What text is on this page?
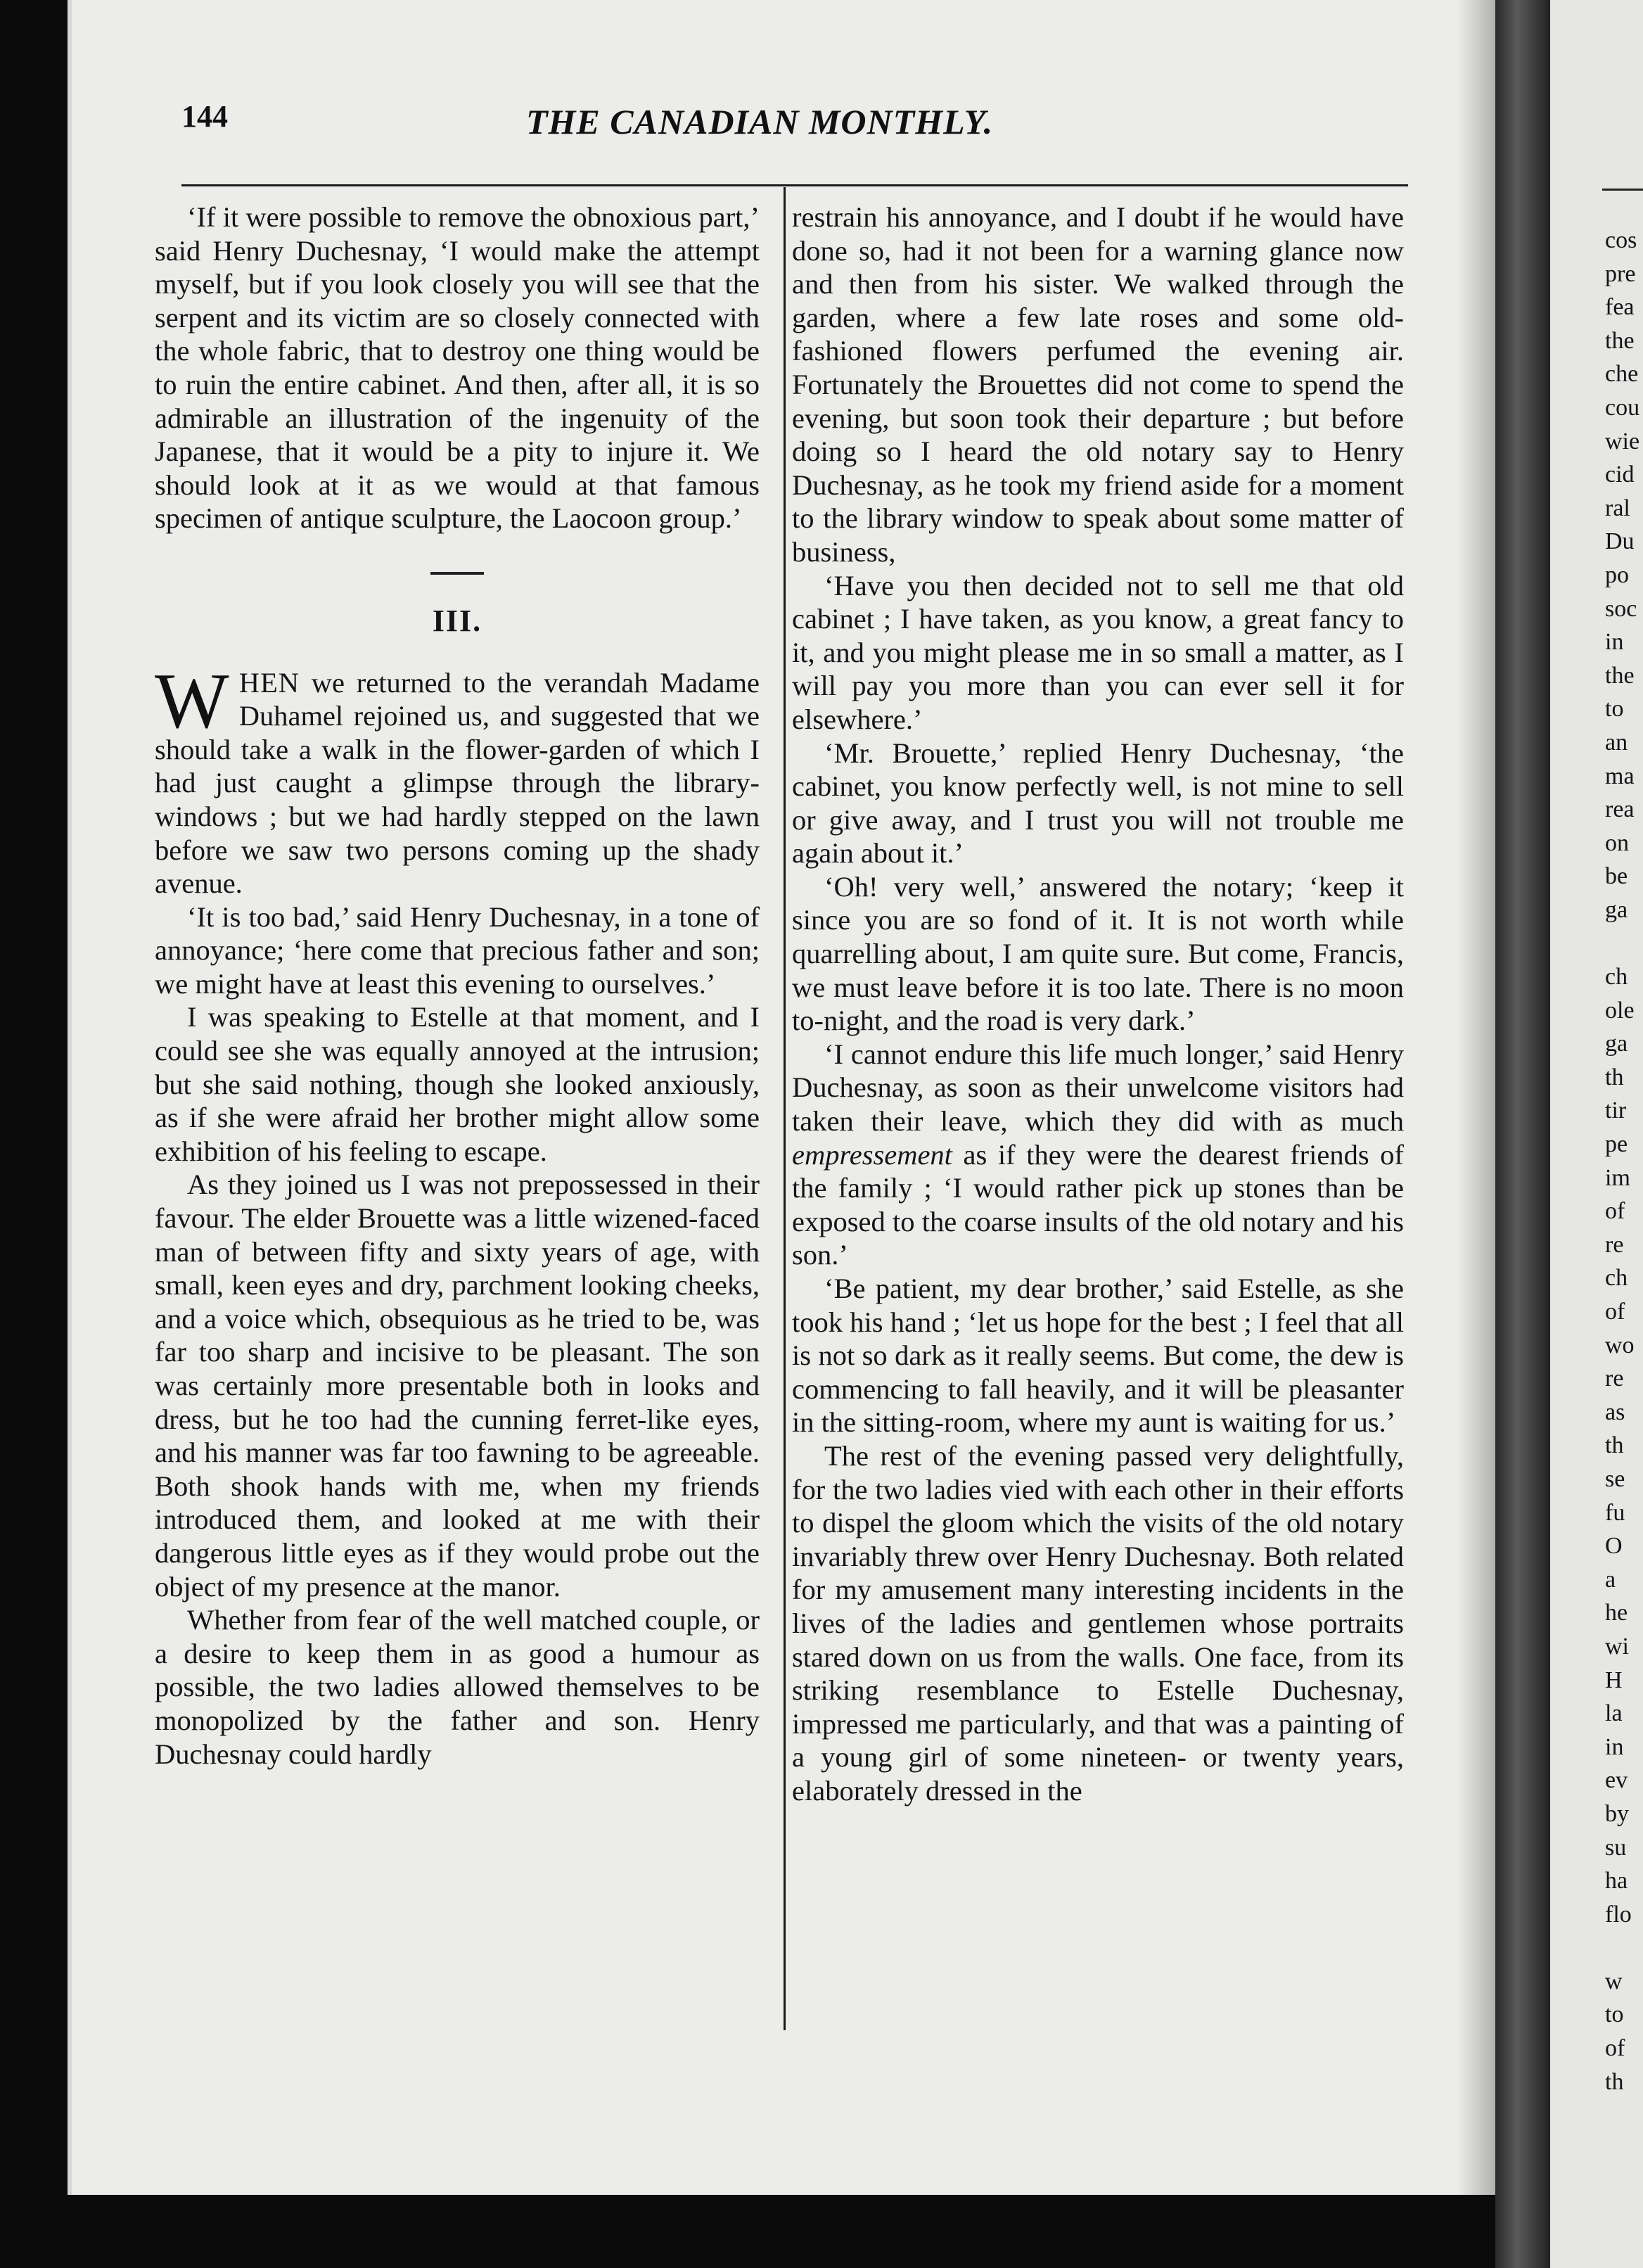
cos
pre
fea
the
che
cou
wie
cid
ral
Du
po
soc
in
the
to
an
ma
rea
on
be
ga
ch
ole
ga
th
tir
pe
im
of
re
ch
of
wo
re
as
th
se
fu
O
a
he
wi
H
la
in
ev
by
su
ha
flo
w
to
of
th
144	THE CANADIAN MONTHLY.

‘If it were possible to remove the obnoxious part,’ said Henry Duchesnay, ‘I would make the attempt myself, but if you look closely you will see that the serpent and its victim are so closely connected with the whole fabric, that to destroy one thing would be to ruin the entire cabinet. And then, after all, it is so admirable an illustration of the ingenuity of the Japanese, that it would be a pity to injure it. We should look at it as we would at that famous specimen of antique sculpture, the Laocoon group.’

III.

WHEN we returned to the verandah Madame Duhamel rejoined us, and suggested that we should take a walk in the flower-garden of which I had just caught a glimpse through the library-windows ; but we had hardly stepped on the lawn before we saw two persons coming up the shady avenue.

‘It is too bad,’ said Henry Duchesnay, in a tone of annoyance; ‘here come that precious father and son; we might have at least this evening to ourselves.’

I was speaking to Estelle at that moment, and I could see she was equally annoyed at the intrusion; but she said nothing, though she looked anxiously, as if she were afraid her brother might allow some exhibition of his feeling to escape.

As they joined us I was not prepossessed in their favour. The elder Brouette was a little wizened-faced man of between fifty and sixty years of age, with small, keen eyes and dry, parchment looking cheeks, and a voice which, obsequious as he tried to be, was far too sharp and incisive to be pleasant. The son was certainly more presentable both in looks and dress, but he too had the cunning ferret-like eyes, and his manner was far too fawning to be agreeable. Both shook hands with me, when my friends introduced them, and looked at me with their dangerous little eyes as if they would probe out the object of my presence at the manor.

Whether from fear of the well matched couple, or a desire to keep them in as good a humour as possible, the two ladies allowed themselves to be monopolized by the father and son. Henry Duchesnay could hardly

restrain his annoyance, and I doubt if he would have done so, had it not been for a warning glance now and then from his sister. We walked through the garden, where a few late roses and some old-fashioned flowers perfumed the evening air. Fortunately the Brouettes did not come to spend the evening, but soon took their departure ; but before doing so I heard the old notary say to Henry Duchesnay, as he took my friend aside for a moment to the library window to speak about some matter of business,

‘Have you then decided not to sell me that old cabinet ; I have taken, as you know, a great fancy to it, and you might please me in so small a matter, as I will pay you more than you can ever sell it for elsewhere.’

‘Mr. Brouette,’ replied Henry Duchesnay, ‘the cabinet, you know perfectly well, is not mine to sell or give away, and I trust you will not trouble me again about it.’

‘Oh! very well,’ answered the notary; ‘keep it since you are so fond of it. It is not worth while quarrelling about, I am quite sure. But come, Francis, we must leave before it is too late. There is no moon to-night, and the road is very dark.’

‘I cannot endure this life much longer,’ said Henry Duchesnay, as soon as their unwelcome visitors had taken their leave, which they did with as much empressement as if they were the dearest friends of the family ; ‘I would rather pick up stones than be exposed to the coarse insults of the old notary and his son.’

‘Be patient, my dear brother,’ said Estelle, as she took his hand ; ‘let us hope for the best ; I feel that all is not so dark as it really seems. But come, the dew is commencing to fall heavily, and it will be pleasanter in the sitting-room, where my aunt is waiting for us.’

The rest of the evening passed very delightfully, for the two ladies vied with each other in their efforts to dispel the gloom which the visits of the old notary invariably threw over Henry Duchesnay. Both related for my amusement many interesting incidents in the lives of the ladies and gentlemen whose portraits stared down on us from the walls. One face, from its striking resemblance to Estelle Duchesnay, impressed me particularly, and that was a painting of a young girl of some nineteen- or twenty years, elaborately dressed in the
